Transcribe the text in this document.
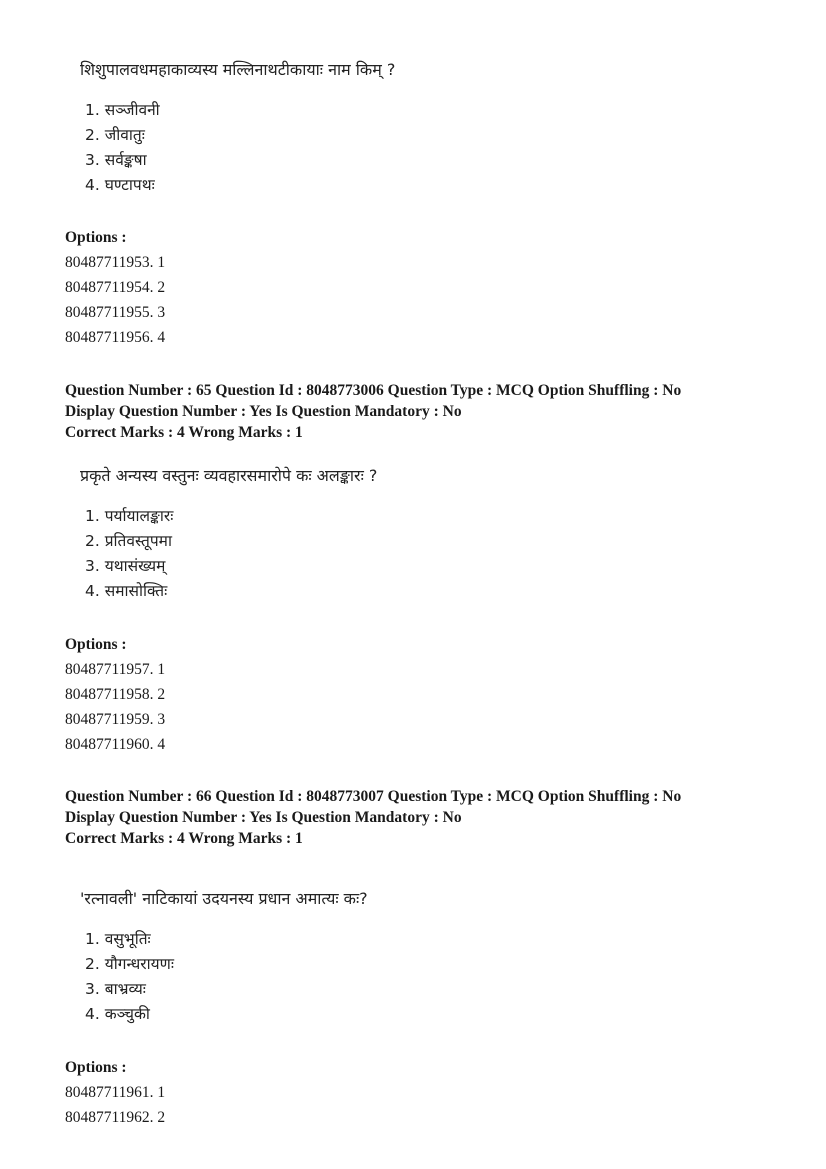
शिशुपालवधमहाकाव्यस्य मल्लिनाथटीकायाः नाम किम् ?
1. सञ्जीवनी
2. जीवातुः
3. सर्वङ्कषा
4. घण्टापथः
Options :
80487711953. 1
80487711954. 2
80487711955. 3
80487711956. 4
Question Number : 65 Question Id : 8048773006 Question Type : MCQ Option Shuffling : No
Display Question Number : Yes Is Question Mandatory : No
Correct Marks : 4 Wrong Marks : 1
प्रकृते अन्यस्य वस्तुनः व्यवहारसमारोपे कः अलङ्कारः ?
1. पर्यायालङ्कारः
2. प्रतिवस्तूपमा
3. यथासंख्यम्
4. समासोक्तिः
Options :
80487711957. 1
80487711958. 2
80487711959. 3
80487711960. 4
Question Number : 66 Question Id : 8048773007 Question Type : MCQ Option Shuffling : No
Display Question Number : Yes Is Question Mandatory : No
Correct Marks : 4 Wrong Marks : 1
'रत्नावली' नाटिकायां उदयनस्य प्रधान अमात्यः कः?
1. वसुभूतिः
2. यौगन्धरायणः
3. बाभ्रव्यः
4. कञ्चुकी
Options :
80487711961. 1
80487711962. 2
